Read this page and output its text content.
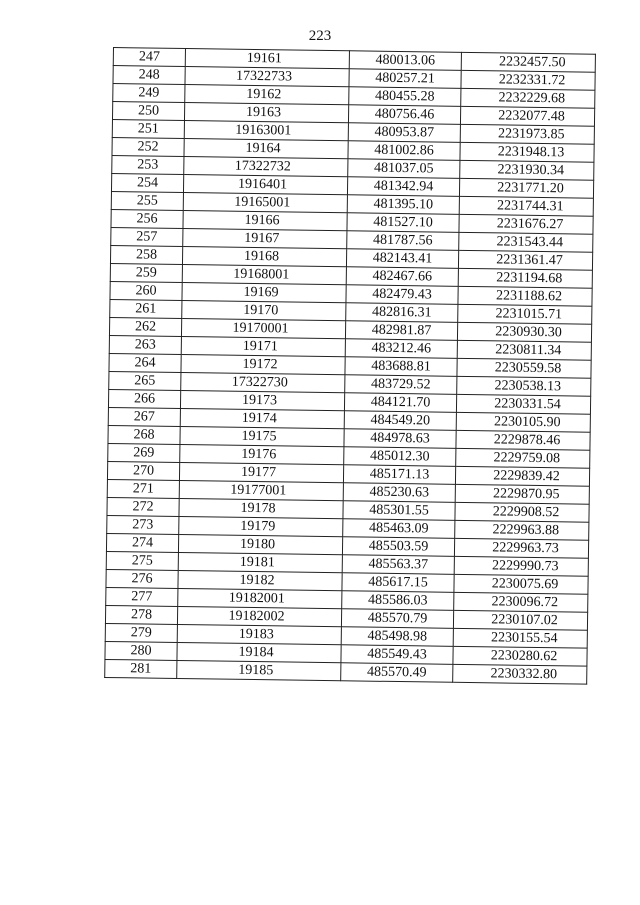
223
247	19161	480013.06	2232457.50
248	17322733	480257.21	2232331.72
249	19162	480455.28	2232229.68
250	19163	480756.46	2232077.48
251	19163001	480953.87	2231973.85
252	19164	481002.86	2231948.13
253	17322732	481037.05	2231930.34
254	1916401	481342.94	2231771.20
255	19165001	481395.10	2231744.31
256	19166	481527.10	2231676.27
257	19167	481787.56	2231543.44
258	19168	482143.41	2231361.47
259	19168001	482467.66	2231194.68
260	19169	482479.43	2231188.62
261	19170	482816.31	2231015.71
262	19170001	482981.87	2230930.30
263	19171	483212.46	2230811.34
264	19172	483688.81	2230559.58
265	17322730	483729.52	2230538.13
266	19173	484121.70	2230331.54
267	19174	484549.20	2230105.90
268	19175	484978.63	2229878.46
269	19176	485012.30	2229759.08
270	19177	485171.13	2229839.42
271	19177001	485230.63	2229870.95
272	19178	485301.55	2229908.52
273	19179	485463.09	2229963.88
274	19180	485503.59	2229963.73
275	19181	485563.37	2229990.73
276	19182	485617.15	2230075.69
277	19182001	485586.03	2230096.72
278	19182002	485570.79	2230107.02
279	19183	485498.98	2230155.54
280	19184	485549.43	2230280.62
281	19185	485570.49	2230332.80
